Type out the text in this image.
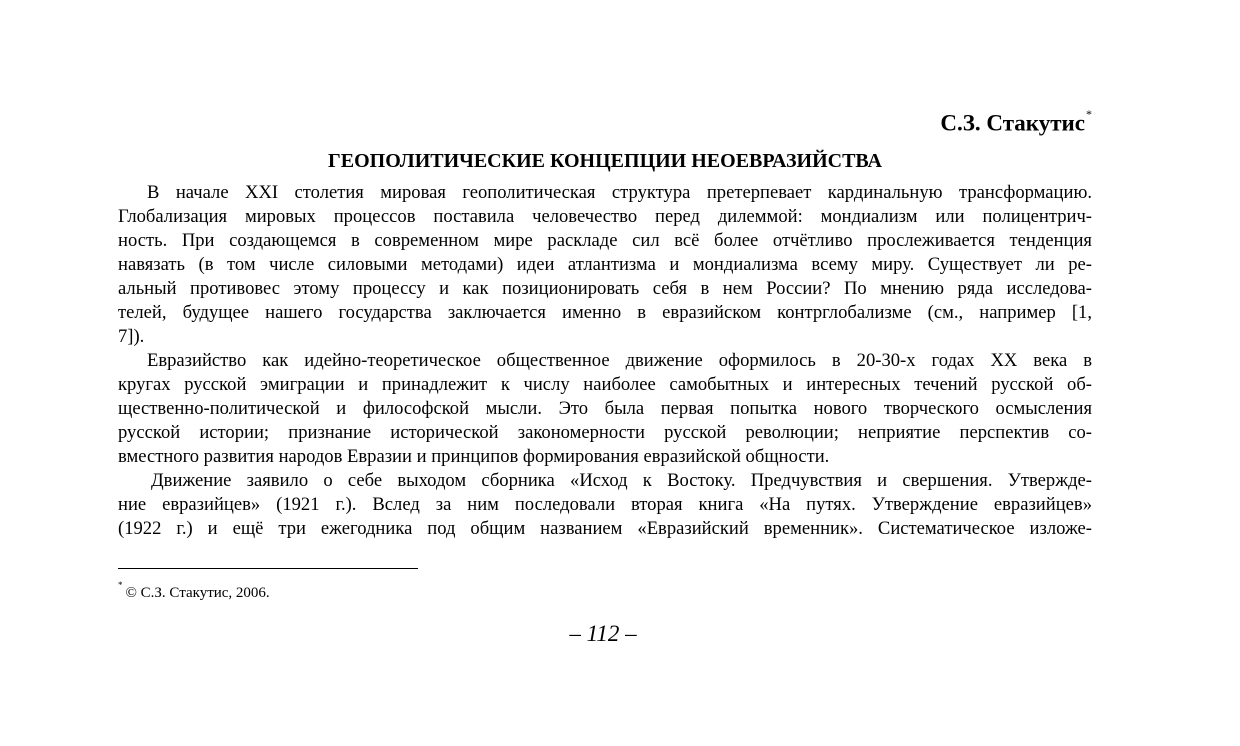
С.З. Стакутис*
ГЕОПОЛИТИЧЕСКИЕ КОНЦЕПЦИИ НЕОЕВРАЗИЙСТВА
В начале XXI столетия мировая геополитическая структура претерпевает кардинальную трансформацию.
Глобализация мировых процессов поставила человечество перед дилеммой: мондиализм или полицентрич-
ность. При создающемся в современном мире раскладе сил всё более отчётливо прослеживается тенденция
навязать (в том числе силовыми методами) идеи атлантизма и мондиализма всему миру. Существует ли ре-
альный противовес этому процессу и как позиционировать себя в нем России? По мнению ряда исследова-
телей, будущее нашего государства заключается именно в евразийском контрглобализме (см., например [1,
7]).
Евразийство как идейно-теоретическое общественное движение оформилось в 20-30-х годах XX века в
кругах русской эмиграции и принадлежит к числу наиболее самобытных и интересных течений русской об-
щественно-политической и философской мысли. Это была первая попытка нового творческого осмысления
русской истории; признание исторической закономерности русской революции; неприятие перспектив со-
вместного развития народов Евразии и принципов формирования евразийской общности.
Движение заявило о себе выходом сборника «Исход к Востоку. Предчувствия и свершения. Утвержде-
ние евразийцев» (1921 г.). Вслед за ним последовали вторая книга «На путях. Утверждение евразийцев»
(1922 г.) и ещё три ежегодника под общим названием «Евразийский временник». Систематическое изложе-
* © С.З. Стакутис, 2006.
– 112 –
